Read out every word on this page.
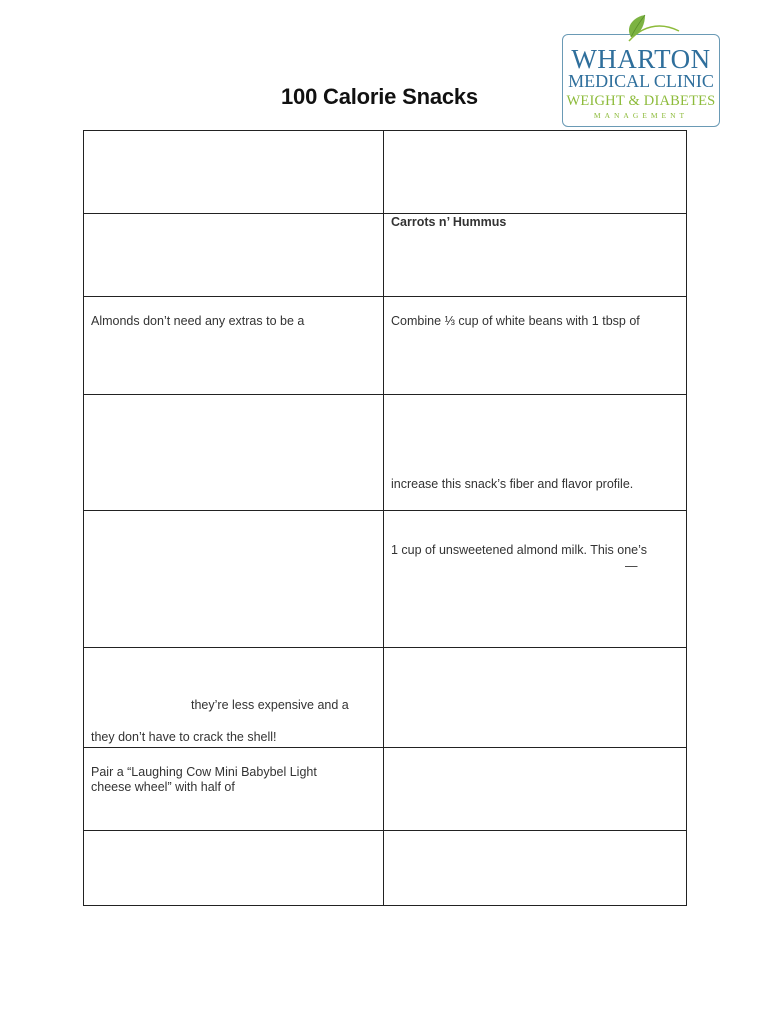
100 Calorie Snacks
WHARTON
MEDICAL CLINIC
WEIGHT & DIABETES
MANAGEMENT

	Carrots n’ Hummus

Almonds don’t need any extras to be a	Combine ⅓ cup of white beans with 1 tbsp of

	increase this snack’s fiber and flavor profile.

	1 cup of unsweetened almond milk. This one’s
—

they’re less expensive and a
they don’t have to crack the shell!	

Pair a “Laughing Cow Mini Babybel Light
cheese wheel” with half of	
